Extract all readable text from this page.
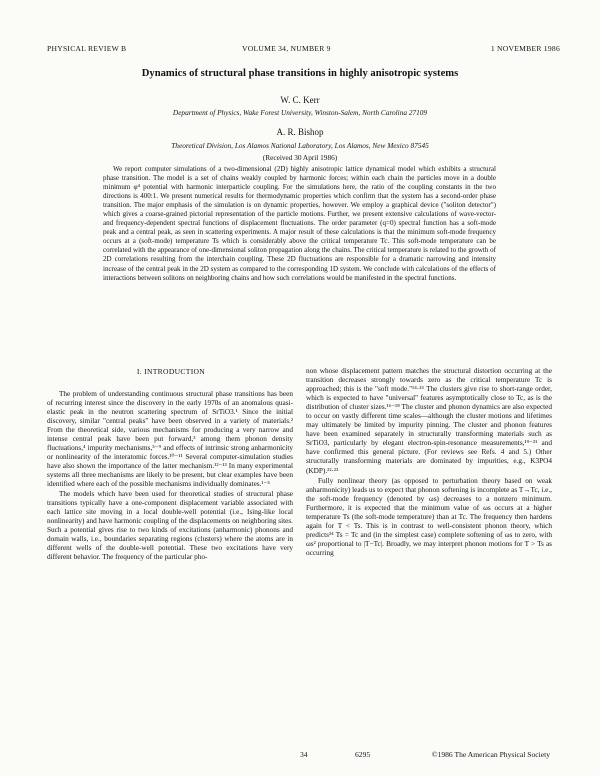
PHYSICAL REVIEW B	VOLUME 34, NUMBER 9	1 NOVEMBER 1986
Dynamics of structural phase transitions in highly anisotropic systems
W. C. Kerr
Department of Physics, Wake Forest University, Winston-Salem, North Carolina 27109
A. R. Bishop
Theoretical Division, Los Alamos National Laboratory, Los Alamos, New Mexico 87545
(Received 30 April 1986)

We report computer simulations of a two-dimensional (2D) highly anisotropic lattice dynamical model which exhibits a structural phase transition. The model is a set of chains weakly coupled by harmonic forces; within each chain the particles move in a double minimum φ⁴ potential with harmonic interparticle coupling. For the simulations here, the ratio of the coupling constants in the two directions is 400:1. We present numerical results for thermodynamic properties which confirm that the system has a second-order phase transition. The major emphasis of the simulation is on dynamic properties, however. We employ a graphical device ("soliton detector") which gives a coarse-grained pictorial representation of the particle motions. Further, we present extensive calculations of wave-vector- and frequency-dependent spectral functions of displacement fluctuations. The order parameter (q=0) spectral function has a soft-mode peak and a central peak, as seen in scattering experiments. A major result of these calculations is that the minimum soft-mode frequency occurs at a (soft-mode) temperature Ts which is considerably above the critical temperature Tc. This soft-mode temperature can be correlated with the appearance of one-dimensional soliton propagation along the chains. The critical temperature is related to the growth of 2D correlations resulting from the interchain coupling. These 2D fluctuations are responsible for a dramatic narrowing and intensity increase of the central peak in the 2D system as compared to the corresponding 1D system. We conclude with calculations of the effects of interactions between solitons on neighboring chains and how such correlations would be manifested in the spectral functions.

I. INTRODUCTION

The problem of understanding continuous structural phase transitions has been of recurring interest since the discovery in the early 1970s of an anomalous quasi-elastic peak in the neutron scattering spectrum of SrTiO3.¹ Since the initial discovery, similar "central peaks" have been observed in a variety of materials.² From the theoretical side, various mechanisms for producing a very narrow and intense central peak have been put forward,³ among them phonon density fluctuations,⁴ impurity mechanisms,⁵⁻⁹ and effects of intrinsic strong anharmonicity or nonlinearity of the interatomic forces.¹⁰⁻¹¹ Several computer-simulation studies have also shown the importance of the latter mechanism.¹²⁻¹³ In many experimental systems all three mechanisms are likely to be present, but clear examples have been identified where each of the possible mechanisms individually dominates.¹⁻⁵

The models which have been used for theoretical studies of structural phase transitions typically have a one-component displacement variable associated with each lattice site moving in a local double-well potential (i.e., Ising-like local nonlinearity) and have harmonic coupling of the displacements on neighboring sites. Such a potential gives rise to two kinds of excitations (anharmonic) phonons and domain walls, i.e., boundaries separating regions (clusters) where the atoms are in different wells of the double-well potential. These two excitations have very different behavior. The frequency of the particular pho-

non whose displacement pattern matches the structural distortion occurring at the transition decreases strongly towards zero as the critical temperature Tc is approached; this is the "soft mode."¹⁴·¹⁵ The clusters give rise to short-range order, which is expected to have "universal" features asymptotically close to Tc, as is the distribution of cluster sizes.¹⁶⁻¹⁸ The cluster and phonon dynamics are also expected to occur on vastly different time scales—although the cluster motions and lifetimes may ultimately be limited by impurity pinning. The cluster and phonon features have been examined separately in structurally transforming materials such as SrTiO3, particularly by elegant electron-spin-resonance measurements,¹⁹⁻²¹ and have confirmed this general picture. (For reviews see Refs. 4 and 5.) Other structurally transforming materials are dominated by impurities, e.g., K3PO4 (KDP).²²·²³

Fully nonlinear theory (as opposed to perturbation theory based on weak anharmonicity) leads us to expect that phonon softening is incomplete as T→Tc, i.e., the soft-mode frequency (denoted by ωs) decreases to a nonzero minimum. Furthermore, it is expected that the minimum value of ωs occurs at a higher temperature Ts (the soft-mode temperature) than at Tc. The frequency then hardens again for T < Ts. This is in contrast to well-consistent phonon theory, which predicts²⁴ Ts = Tc and (in the simplest case) complete softening of ωs to zero, with ωs² proportional to |T−Tc|. Broadly, we may interpret phonon motions for T > Ts as occurring

34	6295	©1986 The American Physical Society
